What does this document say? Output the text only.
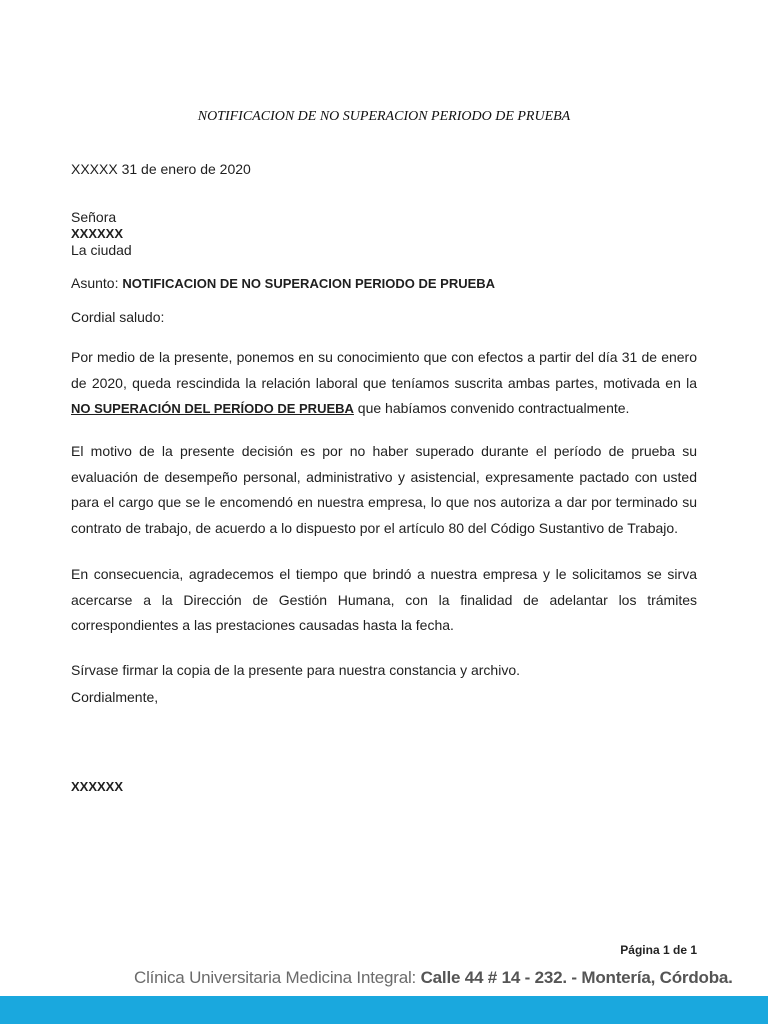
NOTIFICACION DE NO SUPERACION PERIODO DE PRUEBA

XXXXX 31 de enero de 2020

Señora

XXXXXX

La ciudad

Asunto: NOTIFICACION DE NO SUPERACION PERIODO DE PRUEBA

Cordial saludo:

Por medio de la presente, ponemos en su conocimiento que con efectos a partir del día 31 de enero de 2020, queda rescindida la relación laboral que teníamos suscrita ambas partes, motivada en la NO SUPERACIÓN DEL PERÍODO DE PRUEBA que habíamos convenido contractualmente.

El motivo de la presente decisión es por no haber superado durante el período de prueba su evaluación de desempeño personal, administrativo y asistencial, expresamente pactado con usted para el cargo que se le encomendó en nuestra empresa, lo que nos autoriza a dar por terminado su contrato de trabajo, de acuerdo a lo dispuesto por el artículo 80 del Código Sustantivo de Trabajo.

En consecuencia, agradecemos el tiempo que brindó a nuestra empresa y le solicitamos se sirva acercarse a la Dirección de Gestión Humana, con la finalidad de adelantar los trámites correspondientes a las prestaciones causadas hasta la fecha.

Sírvase firmar la copia de la presente para nuestra constancia y archivo.

Cordialmente,

XXXXXX

Página 1 de 1

Clínica Universitaria Medicina Integral: Calle 44 # 14 - 232. - Montería, Córdoba.
